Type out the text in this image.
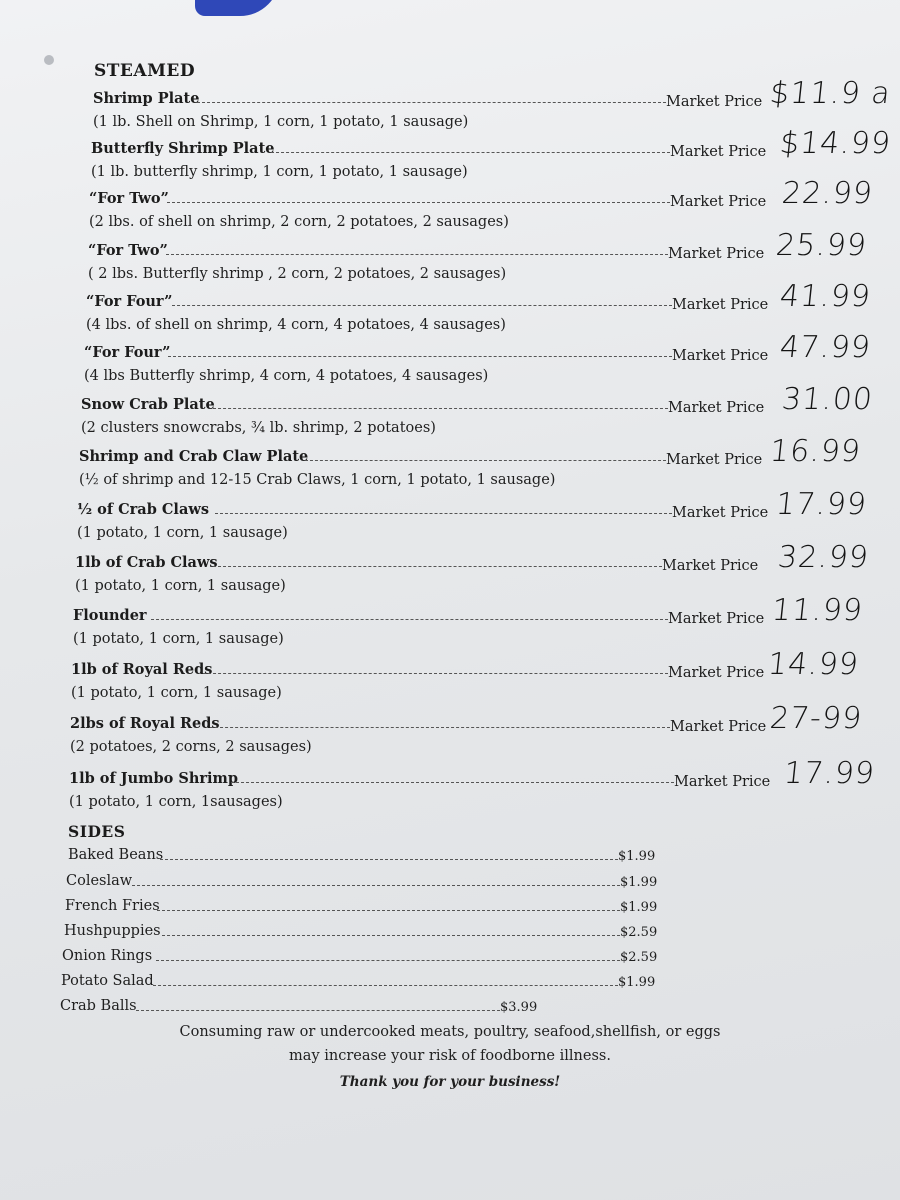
STEAMED
Shrimp Plate	Market Price $11.9 a
(1 lb. Shell on Shrimp, 1 corn, 1 potato, 1 sausage)
Butterfly Shrimp Plate	Market Price $14.99
(1 lb. butterfly shrimp, 1 corn, 1 potato, 1 sausage)
“For Two”	Market Price 22.99
(2 lbs. of shell on shrimp, 2 corn, 2 potatoes, 2 sausages)
“For Two”	Market Price 25.99
( 2 lbs. Butterfly shrimp , 2 corn, 2 potatoes, 2 sausages)
“For Four”	Market Price 41.99
(4 lbs. of shell on shrimp, 4 corn, 4 potatoes, 4 sausages)
“For Four”	Market Price 47.99
(4 lbs Butterfly shrimp, 4 corn, 4 potatoes, 4 sausages)
Snow Crab Plate	Market Price 31.00
(2 clusters snowcrabs, ¾ lb. shrimp, 2 potatoes)
Shrimp and Crab Claw Plate	Market Price 16.99
(½ of shrimp and 12-15 Crab Claws, 1 corn, 1 potato, 1 sausage)
½ of Crab Claws	Market Price 17.99
(1 potato, 1 corn, 1 sausage)
1lb of Crab Claws	Market Price 32.99
(1 potato, 1 corn, 1 sausage)
Flounder	Market Price 11.99
(1 potato, 1 corn, 1 sausage)
1lb of Royal Reds	Market Price 14.99
(1 potato, 1 corn, 1 sausage)
2lbs of Royal Reds	Market Price 27-99
(2 potatoes, 2 corns, 2 sausages)
1lb of Jumbo Shrimp	Market Price 17.99
(1 potato, 1 corn, 1sausages)
SIDES
Baked Beans	$1.99
Coleslaw	$1.99
French Fries	$1.99
Hushpuppies	$2.59
Onion Rings	$2.59
Potato Salad	$1.99
Crab Balls	$3.99
Consuming raw or undercooked meats, poultry, seafood,shellfish, or eggs
may increase your risk of foodborne illness.
Thank you for your business!
